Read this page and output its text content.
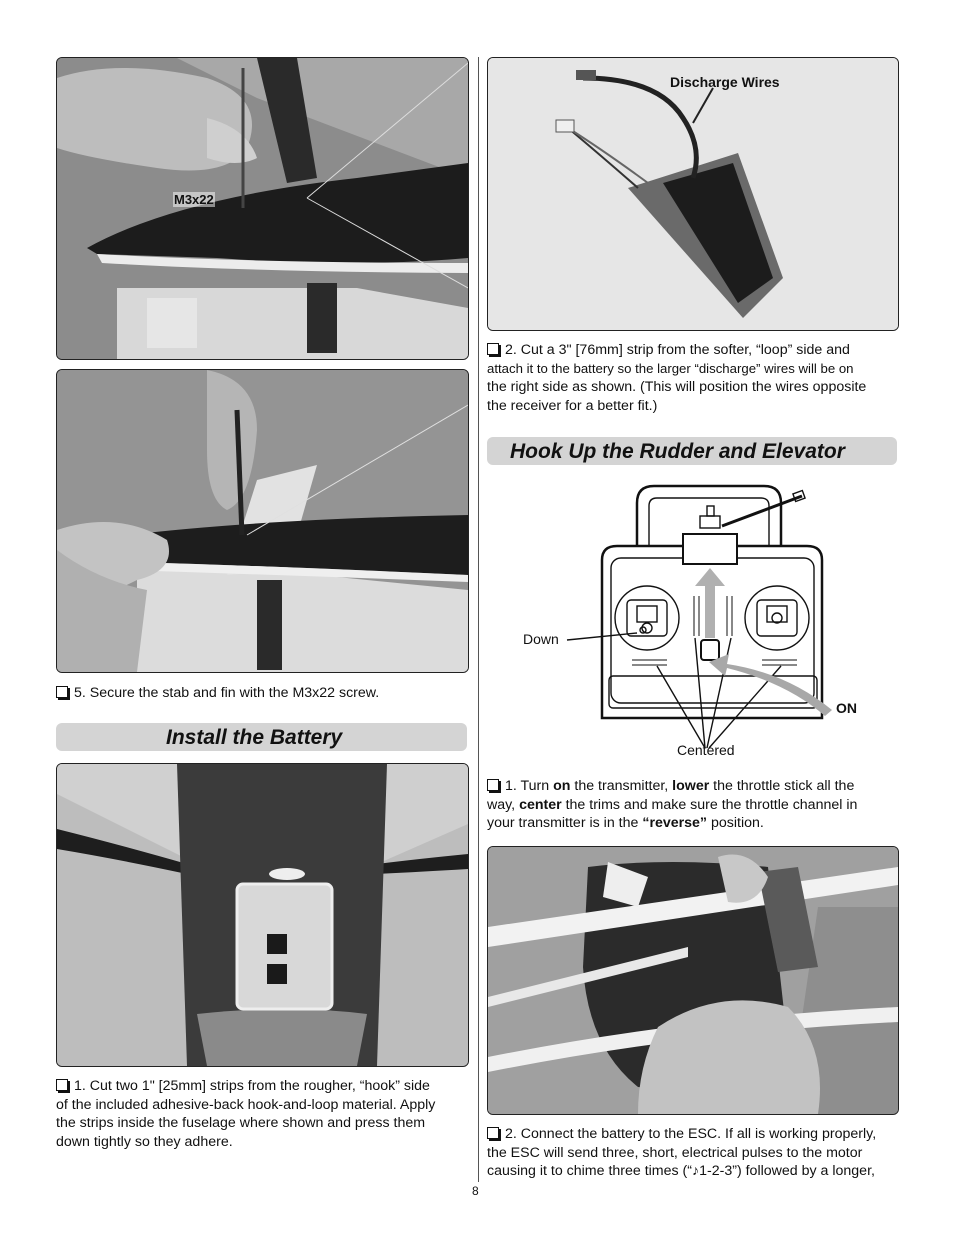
M3x22
5. Secure the stab and fin with the M3x22 screw.
Install the Battery
1. Cut two 1" [25mm] strips from the rougher, “hook” side
of the included adhesive-back hook-and-loop material. Apply
the strips inside the fuselage where shown and press them
down tightly so they adhere.
Discharge Wires
2. Cut a 3" [76mm] strip from the softer, “loop” side and
attach it to the battery so the larger “discharge” wires will be on
the right side as shown. (This will position the wires opposite
the receiver for a better fit.)
Hook Up the Rudder and Elevator
Down
ON
Centered
1. Turn on the transmitter, lower the throttle stick all the
way, center the trims and make sure the throttle channel in
your transmitter is in the “reverse” position.
2. Connect the battery to the ESC. If all is working properly,
the ESC will send three, short, electrical pulses to the motor
causing it to chime three times (“♪1-2-3”) followed by a longer,
8
